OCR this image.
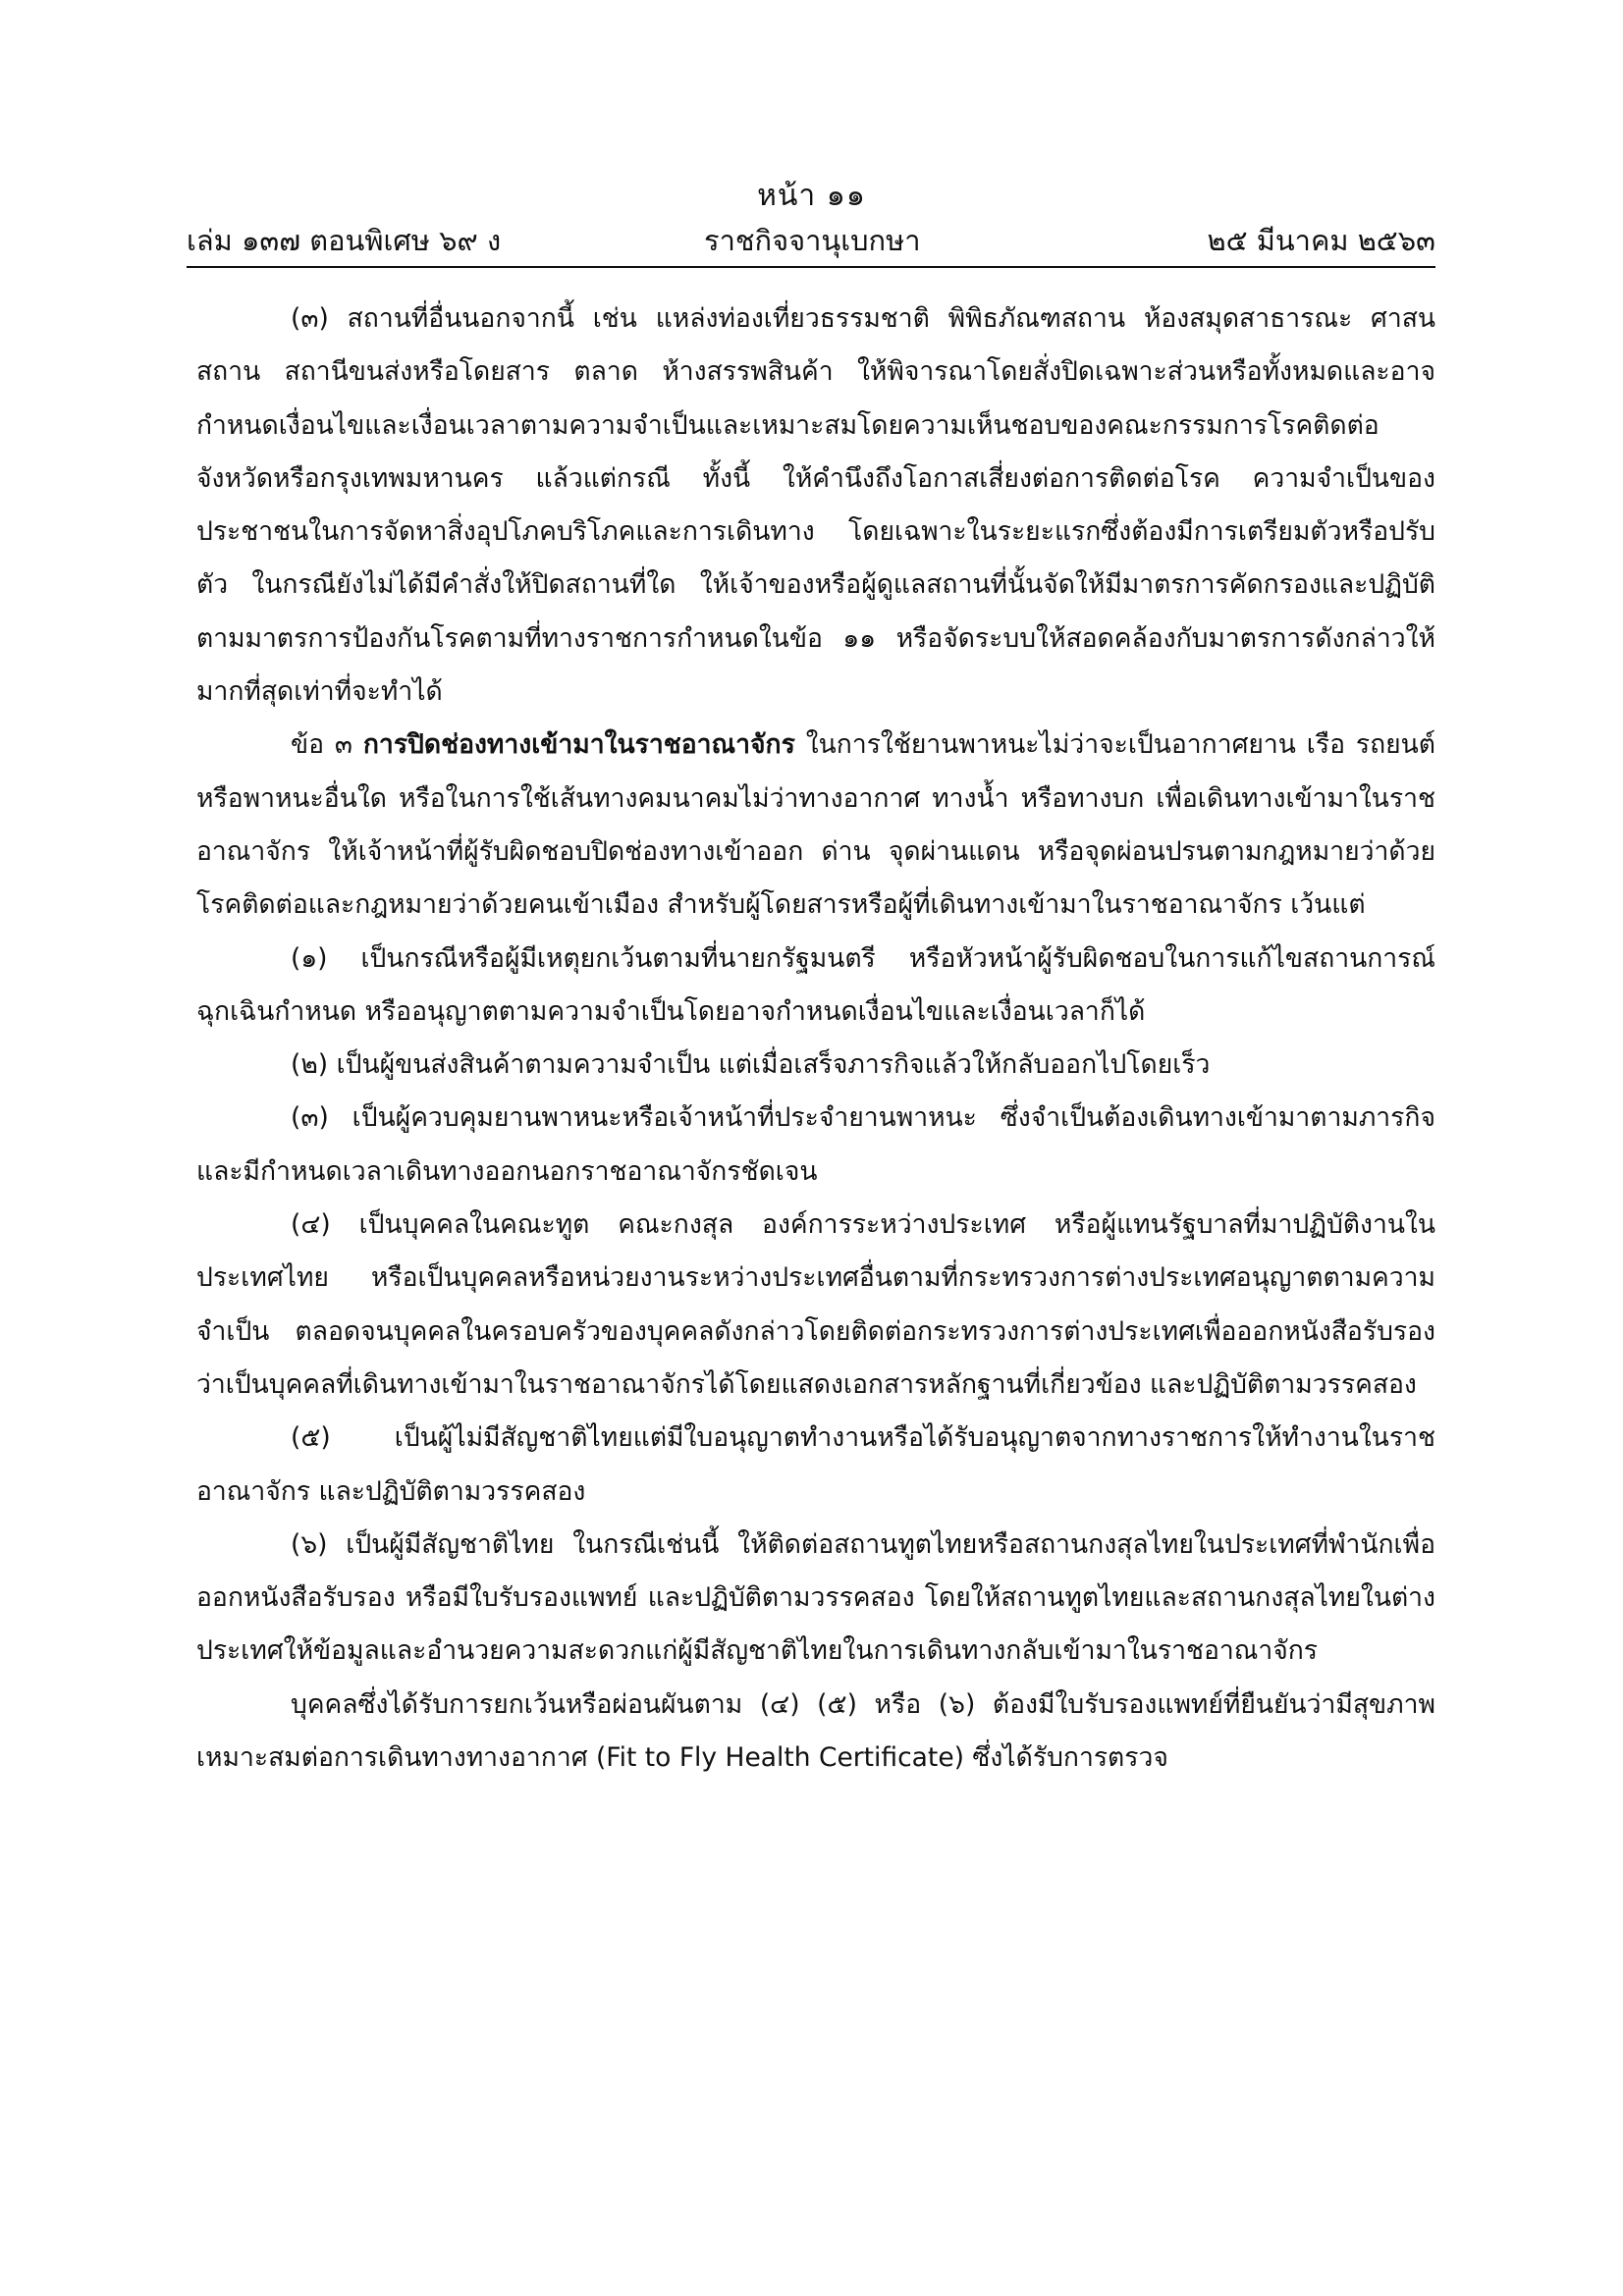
หน้า ๑๑
เล่ม ๑๓๗ ตอนพิเศษ ๖๙ ง	ราชกิจจานุเบกษา	๒๕ มีนาคม ๒๕๖๓

(๓) สถานที่อื่นนอกจากนี้ เช่น แหล่งท่องเที่ยวธรรมชาติ พิพิธภัณฑสถาน ห้องสมุดสาธารณะ ศาสนสถาน สถานีขนส่งหรือโดยสาร ตลาด ห้างสรรพสินค้า ให้พิจารณาโดยสั่งปิดเฉพาะส่วนหรือทั้งหมดและอาจกำหนดเงื่อนไขและเงื่อนเวลาตามความจำเป็นและเหมาะสมโดยความเห็นชอบของคณะกรรมการโรคติดต่อจังหวัดหรือกรุงเทพมหานคร แล้วแต่กรณี ทั้งนี้ ให้คำนึงถึงโอกาสเสี่ยงต่อการติดต่อโรค ความจำเป็นของประชาชนในการจัดหาสิ่งอุปโภคบริโภคและการเดินทาง โดยเฉพาะในระยะแรกซึ่งต้องมีการเตรียมตัวหรือปรับตัว ในกรณียังไม่ได้มีคำสั่งให้ปิดสถานที่ใด ให้เจ้าของหรือผู้ดูแลสถานที่นั้นจัดให้มีมาตรการคัดกรองและปฏิบัติตามมาตรการป้องกันโรคตามที่ทางราชการกำหนดในข้อ ๑๑ หรือจัดระบบให้สอดคล้องกับมาตรการดังกล่าวให้มากที่สุดเท่าที่จะทำได้

ข้อ ๓ การปิดช่องทางเข้ามาในราชอาณาจักร ในการใช้ยานพาหนะไม่ว่าจะเป็นอากาศยาน เรือ รถยนต์ หรือพาหนะอื่นใด หรือในการใช้เส้นทางคมนาคมไม่ว่าทางอากาศ ทางน้ำ หรือทางบก เพื่อเดินทางเข้ามาในราชอาณาจักร ให้เจ้าหน้าที่ผู้รับผิดชอบปิดช่องทางเข้าออก ด่าน จุดผ่านแดน หรือจุดผ่อนปรนตามกฎหมายว่าด้วยโรคติดต่อและกฎหมายว่าด้วยคนเข้าเมือง สำหรับผู้โดยสารหรือผู้ที่เดินทางเข้ามาในราชอาณาจักร เว้นแต่

(๑) เป็นกรณีหรือผู้มีเหตุยกเว้นตามที่นายกรัฐมนตรี หรือหัวหน้าผู้รับผิดชอบในการแก้ไขสถานการณ์ฉุกเฉินกำหนด หรืออนุญาตตามความจำเป็นโดยอาจกำหนดเงื่อนไขและเงื่อนเวลาก็ได้

(๒) เป็นผู้ขนส่งสินค้าตามความจำเป็น แต่เมื่อเสร็จภารกิจแล้วให้กลับออกไปโดยเร็ว

(๓) เป็นผู้ควบคุมยานพาหนะหรือเจ้าหน้าที่ประจำยานพาหนะ ซึ่งจำเป็นต้องเดินทางเข้ามาตามภารกิจและมีกำหนดเวลาเดินทางออกนอกราชอาณาจักรชัดเจน

(๔) เป็นบุคคลในคณะทูต คณะกงสุล องค์การระหว่างประเทศ หรือผู้แทนรัฐบาลที่มาปฏิบัติงานในประเทศไทย หรือเป็นบุคคลหรือหน่วยงานระหว่างประเทศอื่นตามที่กระทรวงการต่างประเทศอนุญาตตามความจำเป็น ตลอดจนบุคคลในครอบครัวของบุคคลดังกล่าวโดยติดต่อกระทรวงการต่างประเทศเพื่อออกหนังสือรับรองว่าเป็นบุคคลที่เดินทางเข้ามาในราชอาณาจักรได้โดยแสดงเอกสารหลักฐานที่เกี่ยวข้อง และปฏิบัติตามวรรคสอง

(๕) เป็นผู้ไม่มีสัญชาติไทยแต่มีใบอนุญาตทำงานหรือได้รับอนุญาตจากทางราชการให้ทำงานในราชอาณาจักร และปฏิบัติตามวรรคสอง

(๖) เป็นผู้มีสัญชาติไทย ในกรณีเช่นนี้ ให้ติดต่อสถานทูตไทยหรือสถานกงสุลไทยในประเทศที่พำนักเพื่อออกหนังสือรับรอง หรือมีใบรับรองแพทย์ และปฏิบัติตามวรรคสอง โดยให้สถานทูตไทยและสถานกงสุลไทยในต่างประเทศให้ข้อมูลและอำนวยความสะดวกแก่ผู้มีสัญชาติไทยในการเดินทางกลับเข้ามาในราชอาณาจักร

บุคคลซึ่งได้รับการยกเว้นหรือผ่อนผันตาม (๔) (๕) หรือ (๖) ต้องมีใบรับรองแพทย์ที่ยืนยันว่ามีสุขภาพเหมาะสมต่อการเดินทางทางอากาศ (Fit to Fly Health Certificate) ซึ่งได้รับการตรวจ
